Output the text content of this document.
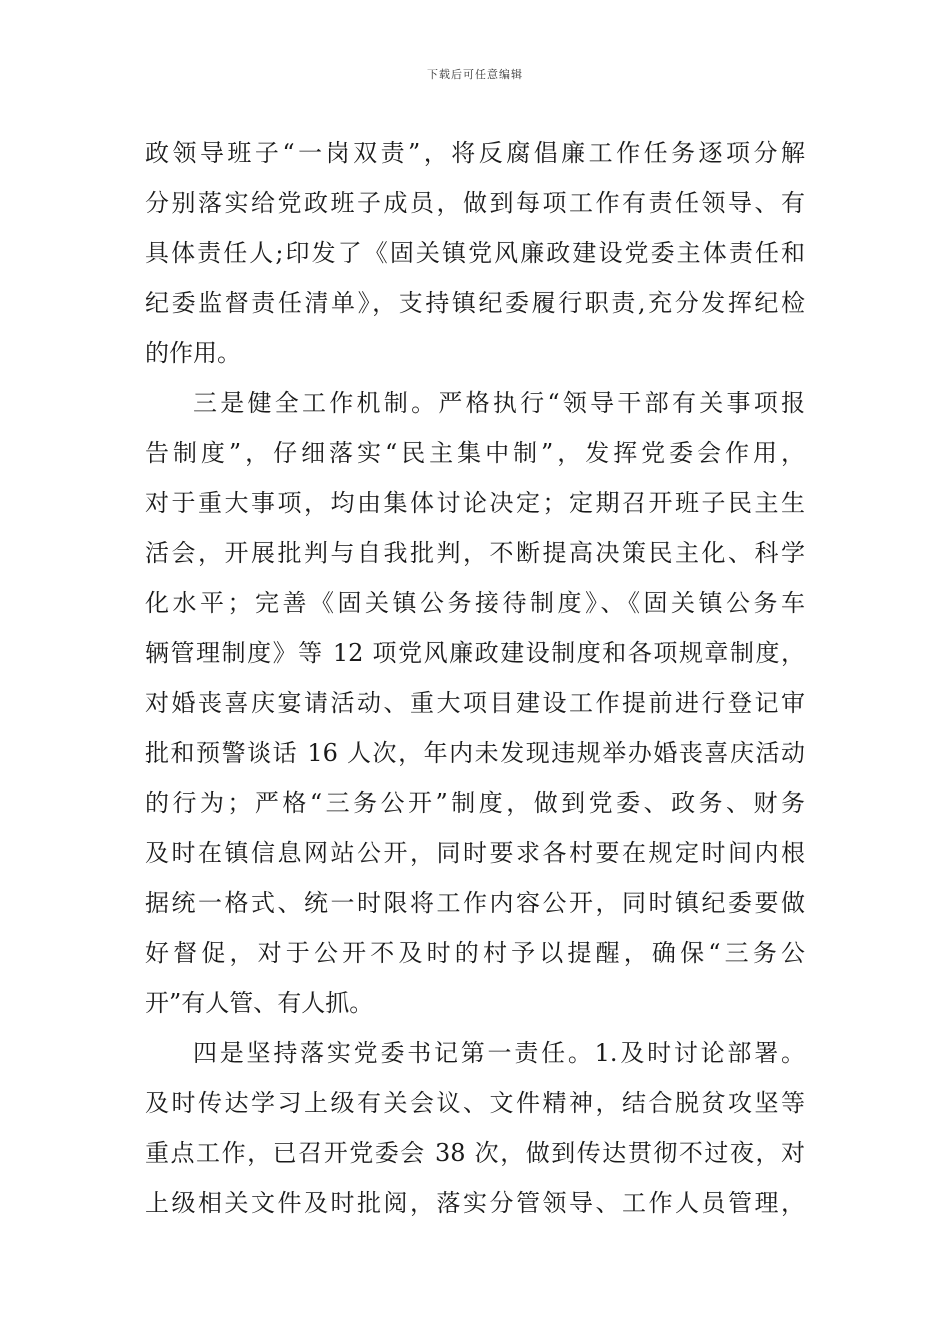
下载后可任意编辑
政领导班子“一岗双责”，将反腐倡廉工作任务逐项分解
分别落实给党政班子成员，做到每项工作有责任领导、有
具体责任人;印发了《固关镇党风廉政建设党委主体责任和
纪委监督责任清单》，支持镇纪委履行职责,充分发挥纪检
的作用。
三是健全工作机制。严格执行“领导干部有关事项报
告制度”，仔细落实“民主集中制”，发挥党委会作用，
对于重大事项，均由集体讨论决定；定期召开班子民主生
活会，开展批判与自我批判，不断提高决策民主化、科学
化水平；完善《固关镇公务接待制度》、《固关镇公务车
辆管理制度》等 12 项党风廉政建设制度和各项规章制度，
对婚丧喜庆宴请活动、重大项目建设工作提前进行登记审
批和预警谈话 16 人次，年内未发现违规举办婚丧喜庆活动
的行为；严格“三务公开”制度，做到党委、政务、财务
及时在镇信息网站公开，同时要求各村要在规定时间内根
据统一格式、统一时限将工作内容公开，同时镇纪委要做
好督促，对于公开不及时的村予以提醒，确保“三务公
开”有人管、有人抓。
四是坚持落实党委书记第一责任。1.及时讨论部署。
及时传达学习上级有关会议、文件精神，结合脱贫攻坚等
重点工作，已召开党委会 38 次，做到传达贯彻不过夜，对
上级相关文件及时批阅，落实分管领导、工作人员管理，
